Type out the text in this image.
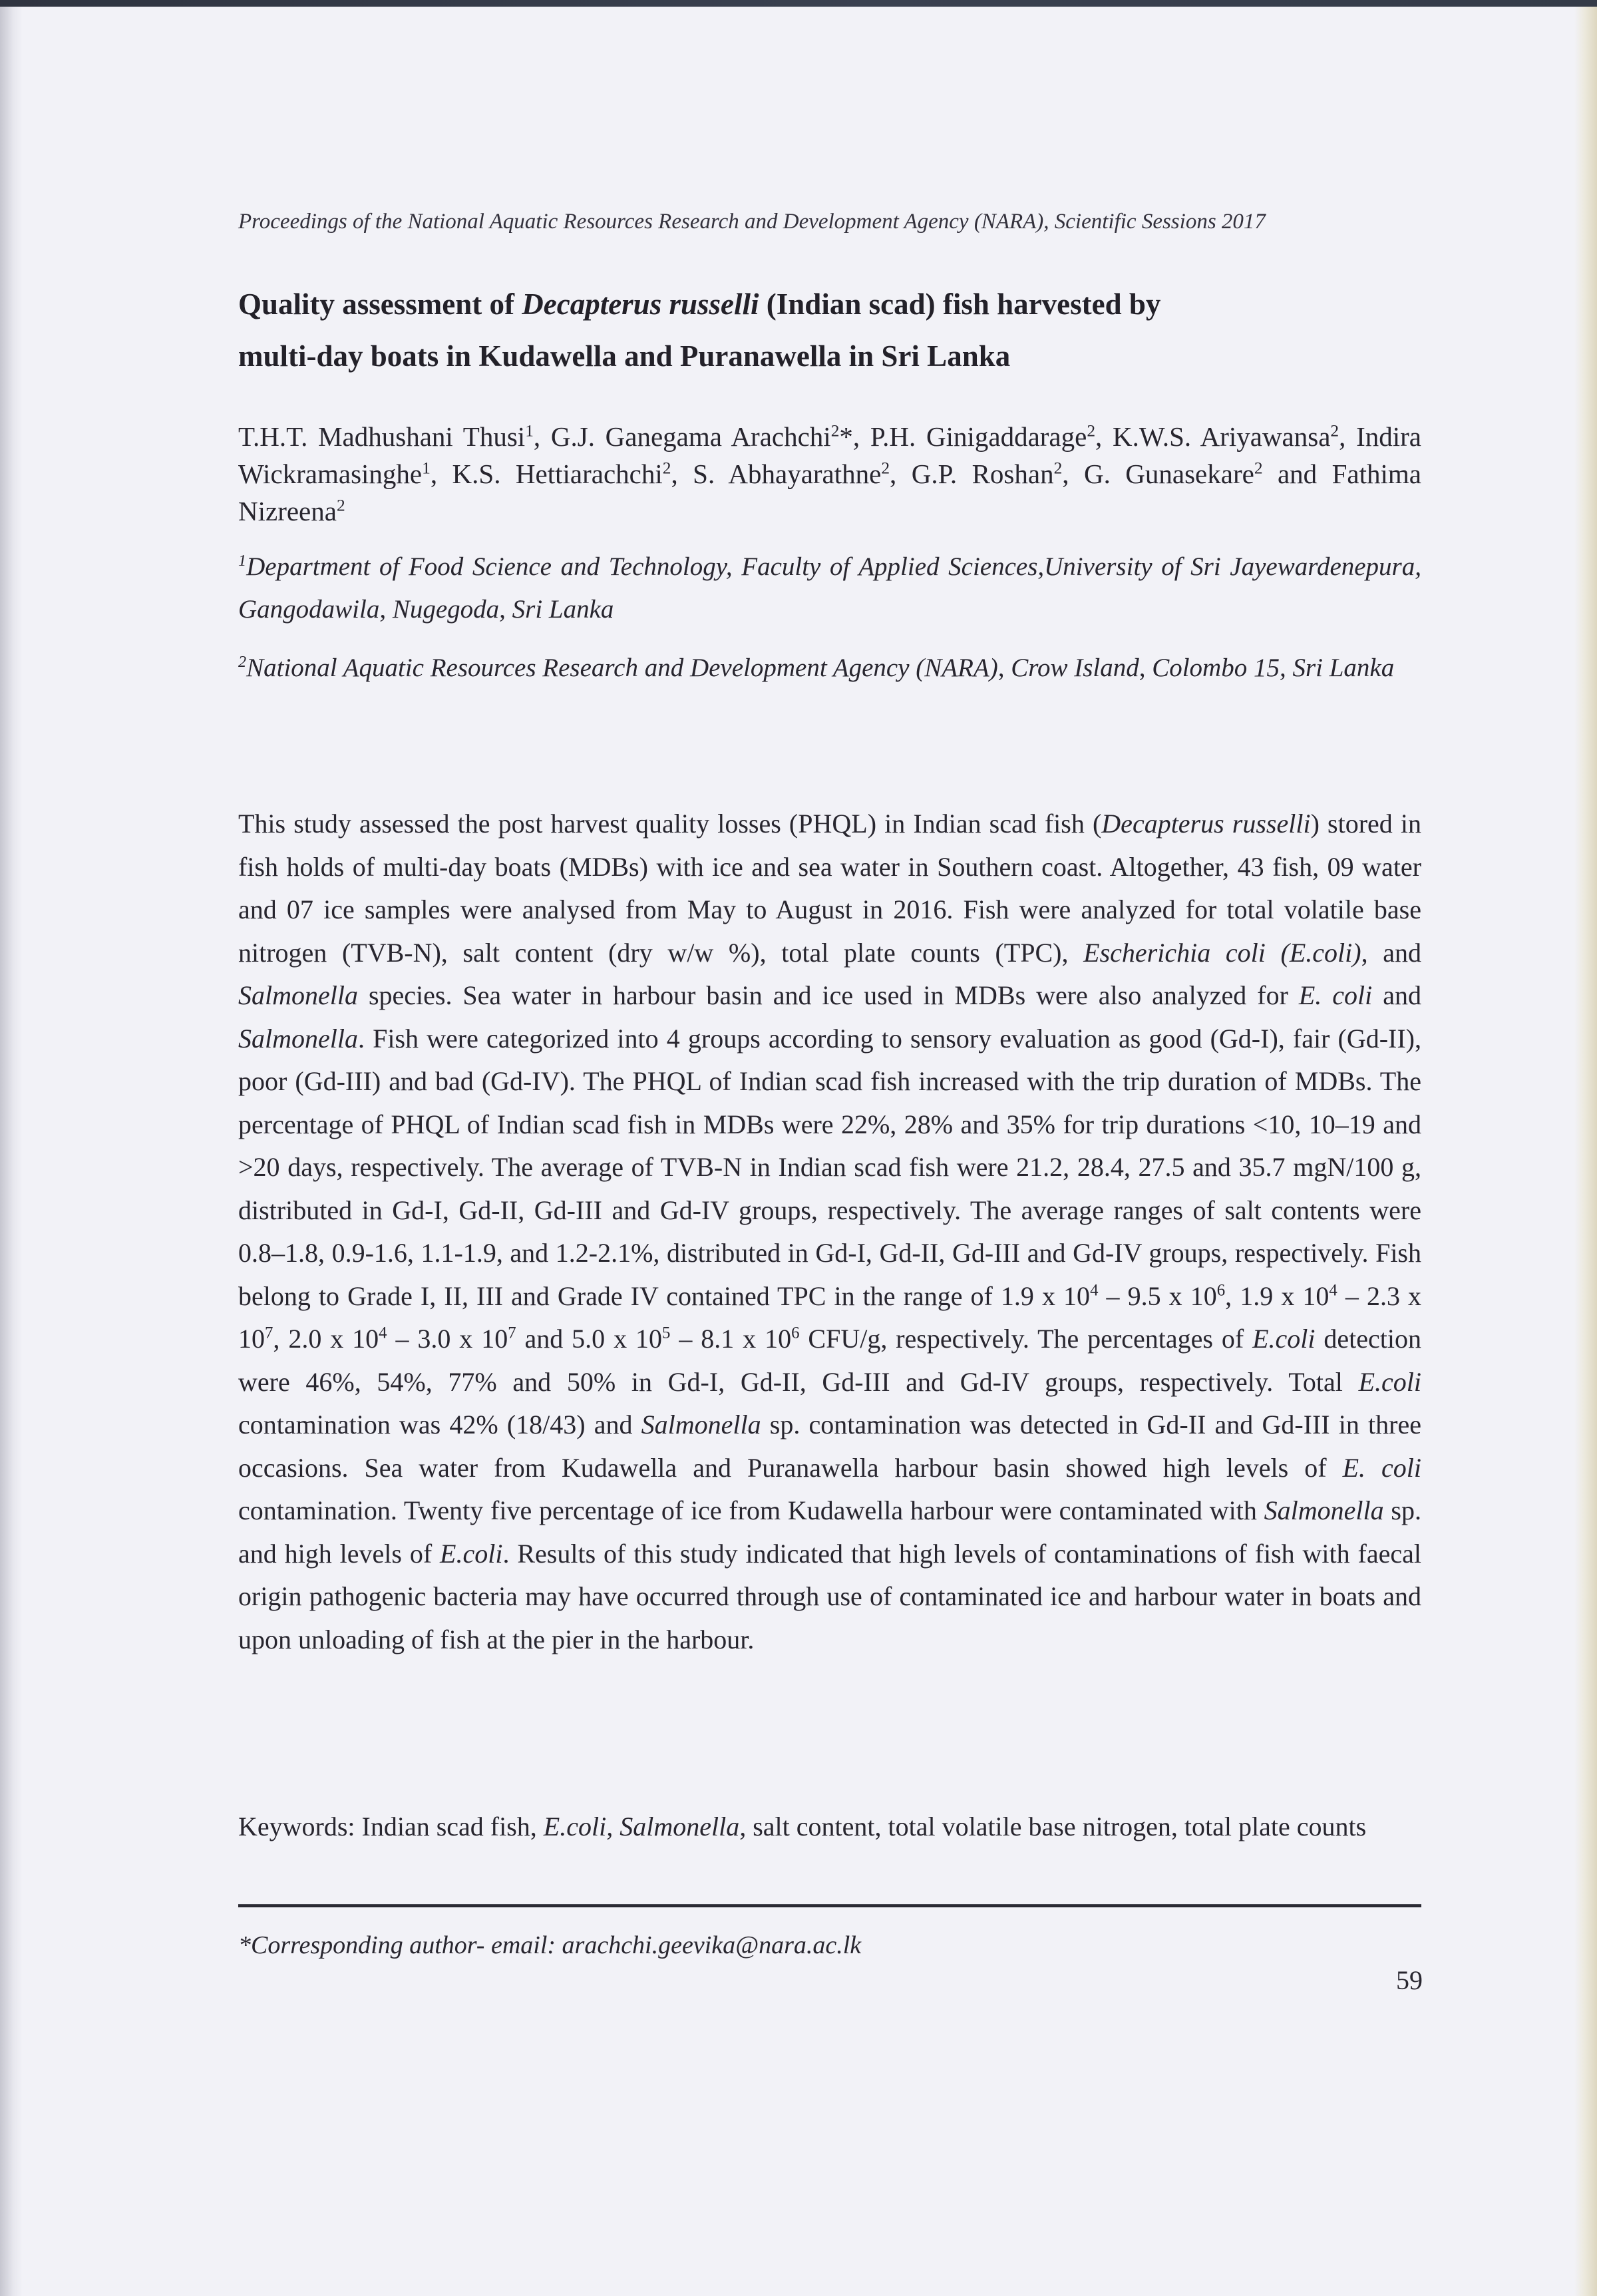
Proceedings of the National Aquatic Resources Research and Development Agency (NARA), Scientific Sessions 2017
Quality assessment of Decapterus russelli (Indian scad) fish harvested by
multi-day boats in Kudawella and Puranawella in Sri Lanka
T.H.T. Madhushani Thusi$^1$, G.J. Ganegama Arachchi$^2$*, P.H. Ginigaddarage$^2$, K.W.S. Ariyawansa$^2$, Indira Wickramasinghe$^1$, K.S. Hettiarachchi$^2$, S. Abhayarathne$^2$, G.P. Roshan$^2$, G. Gunasekare$^2$ and Fathima Nizreena$^2$
$^1$Department of Food Science and Technology, Faculty of Applied Sciences,University of Sri Jayewardenepura, Gangodawila, Nugegoda, Sri Lanka
$^2$National Aquatic Resources Research and Development Agency (NARA), Crow Island, Colombo 15, Sri Lanka
This study assessed the post harvest quality losses (PHQL) in Indian scad fish (Decapterus russelli) stored in fish holds of multi-day boats (MDBs) with ice and sea water in Southern coast. Altogether, 43 fish, 09 water and 07 ice samples were analysed from May to August in 2016. Fish were analyzed for total volatile base nitrogen (TVB-N), salt content (dry w/w %), total plate counts (TPC), Escherichia coli (E.coli), and Salmonella species. Sea water in harbour basin and ice used in MDBs were also analyzed for E. coli and Salmonella. Fish were categorized into 4 groups according to sensory evaluation as good (Gd-I), fair (Gd-II), poor (Gd-III) and bad (Gd-IV). The PHQL of Indian scad fish increased with the trip duration of MDBs. The percentage of PHQL of Indian scad fish in MDBs were 22%, 28% and 35% for trip durations <10, 10–19 and >20 days, respectively. The average of TVB-N in Indian scad fish were 21.2, 28.4, 27.5 and 35.7 mgN/100 g, distributed in Gd-I, Gd-II, Gd-III and Gd-IV groups, respectively. The average ranges of salt contents were 0.8–1.8, 0.9-1.6, 1.1-1.9, and 1.2-2.1%, distributed in Gd-I, Gd-II, Gd-III and Gd-IV groups, respectively. Fish belong to Grade I, II, III and Grade IV contained TPC in the range of 1.9 x $10^4 - 9.5$ x $10^6$, 1.9 x $10^4 - 2.3$ x $10^7$, 2.0 x $10^4 - 3.0$ x $10^7$ and 5.0 x $10^5 - 8.1$ x $10^6$ CFU/g, respectively. The percentages of E.coli detection were 46%, 54%, 77% and 50% in Gd-I, Gd-II, Gd-III and Gd-IV groups, respectively. Total E.coli contamination was 42% (18/43) and Salmonella sp. contamination was detected in Gd-II and Gd-III in three occasions. Sea water from Kudawella and Puranawella harbour basin showed high levels of E. coli contamination. Twenty five percentage of ice from Kudawella harbour were contaminated with Salmonella sp. and high levels of E.coli. Results of this study indicated that high levels of contaminations of fish with faecal origin pathogenic bacteria may have occurred through use of contaminated ice and harbour water in boats and upon unloading of fish at the pier in the harbour.
Keywords: Indian scad fish, E.coli, Salmonella, salt content, total volatile base nitrogen, total plate counts
*Corresponding author- email: arachchi.geevika@nara.ac.lk
59
